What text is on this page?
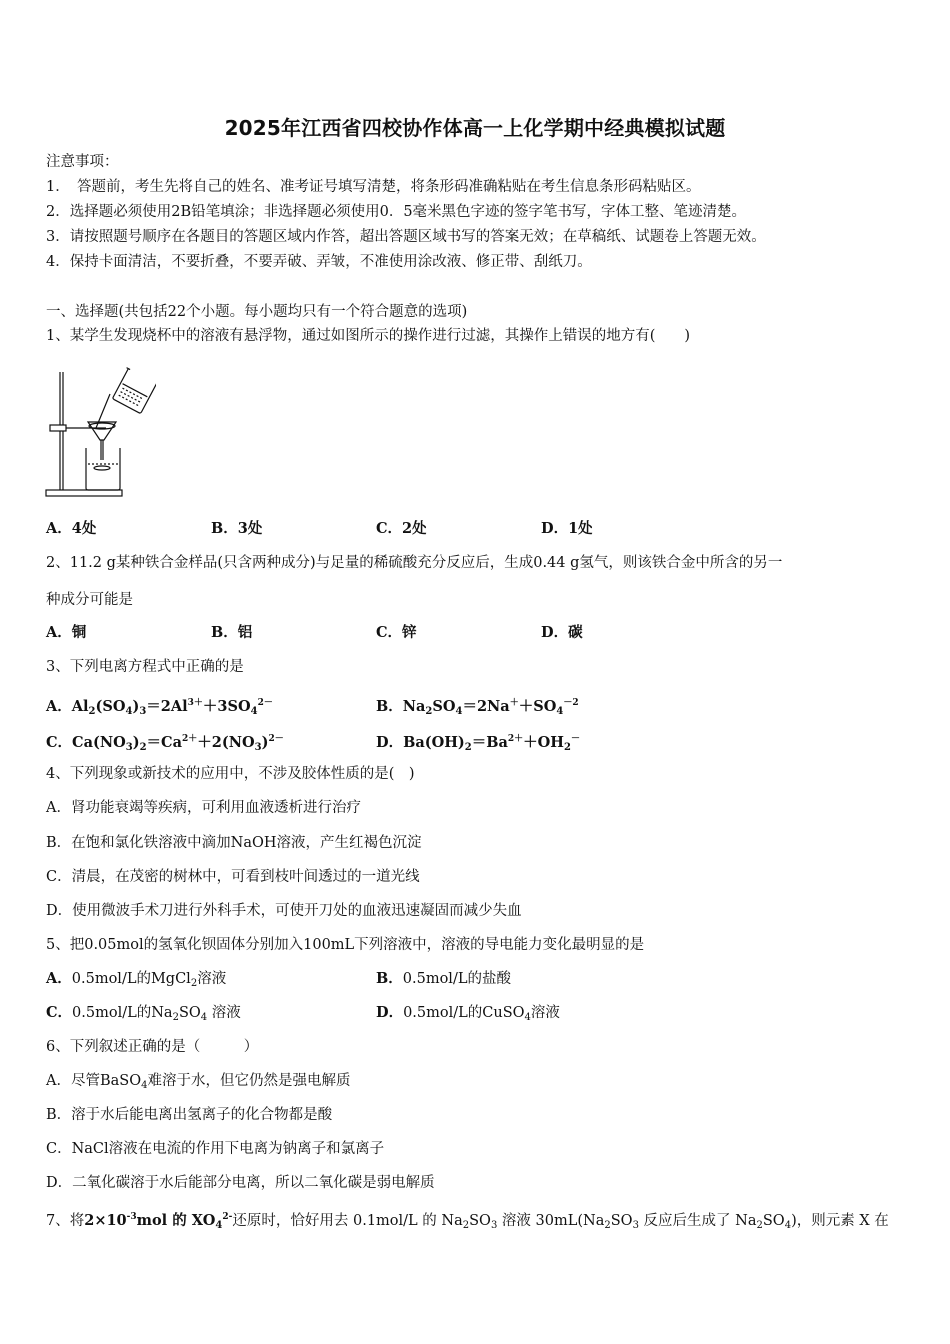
2025年江西省四校协作体高一上化学期中经典模拟试题
注意事项：
1．　答题前，考生先将自己的姓名、准考证号填写清楚，将条形码准确粘贴在考生信息条形码粘贴区。
2．选择题必须使用2B铅笔填涂；非选择题必须使用0．5毫米黑色字迹的签字笔书写，字体工整、笔迹清楚。
3．请按照题号顺序在各题目的答题区域内作答，超出答题区域书写的答案无效；在草稿纸、试题卷上答题无效。
4．保持卡面清洁，不要折叠，不要弄破、弄皱，不准使用涂改液、修正带、刮纸刀。
一、选择题(共包括22个小题。每小题均只有一个符合题意的选项)
1、某学生发现烧杯中的溶液有悬浮物，通过如图所示的操作进行过滤，其操作上错误的地方有(　　)
A．4处	B．3处	C．2处	D．1处
2、11.2 g某种铁合金样品(只含两种成分)与足量的稀硫酸充分反应后，生成0.44 g氢气，则该铁合金中所含的另一
种成分可能是
A．铜	B．铝	C．锌	D．碳
3、下列电离方程式中正确的是
A．$Al_2(SO_4)_3=2Al^{3+}+3SO_4^{2-}$	B．$Na_2SO_4=2Na^++SO_4^{-2}$
C．$Ca(NO_3)_2=Ca^{2+}+2(NO_3)^{2-}$	D．$Ba(OH)_2=Ba^{2+}+OH_2^-$
4、下列现象或新技术的应用中，不涉及胶体性质的是(　)
A．肾功能衰竭等疾病，可利用血液透析进行治疗
B．在饱和氯化铁溶液中滴加NaOH溶液，产生红褐色沉淀
C．清晨，在茂密的树林中，可看到枝叶间透过的一道光线
D．使用微波手术刀进行外科手术，可使开刀处的血液迅速凝固而减少失血
5、把0.05mol的氢氧化钡固体分别加入100mL下列溶液中，溶液的导电能力变化最明显的是
A．0.5mol/L的MgCl$_2$溶液	B．0.5mol/L的盐酸
C．0.5mol/L的$Na_2SO_4$ 溶液	D．0.5mol/L的CuSO$_4$溶液
6、下列叙述正确的是（　　　）
A．尽管BaSO$_4$难溶于水，但它仍然是强电解质
B．溶于水后能电离出氢离子的化合物都是酸
C．NaCl溶液在电流的作用下电离为钠离子和氯离子
D．二氧化碳溶于水后能部分电离，所以二氧化碳是弱电解质
7、将$2\times 10^{-3}mol$ 的 $XO_4^{2-}$还原时，恰好用去 0.1mol/L 的 $Na_2SO_3$ 溶液 $30mL(Na_2SO_3$ 反应后生成了 $Na_2SO_4$)，则元素 X 在
